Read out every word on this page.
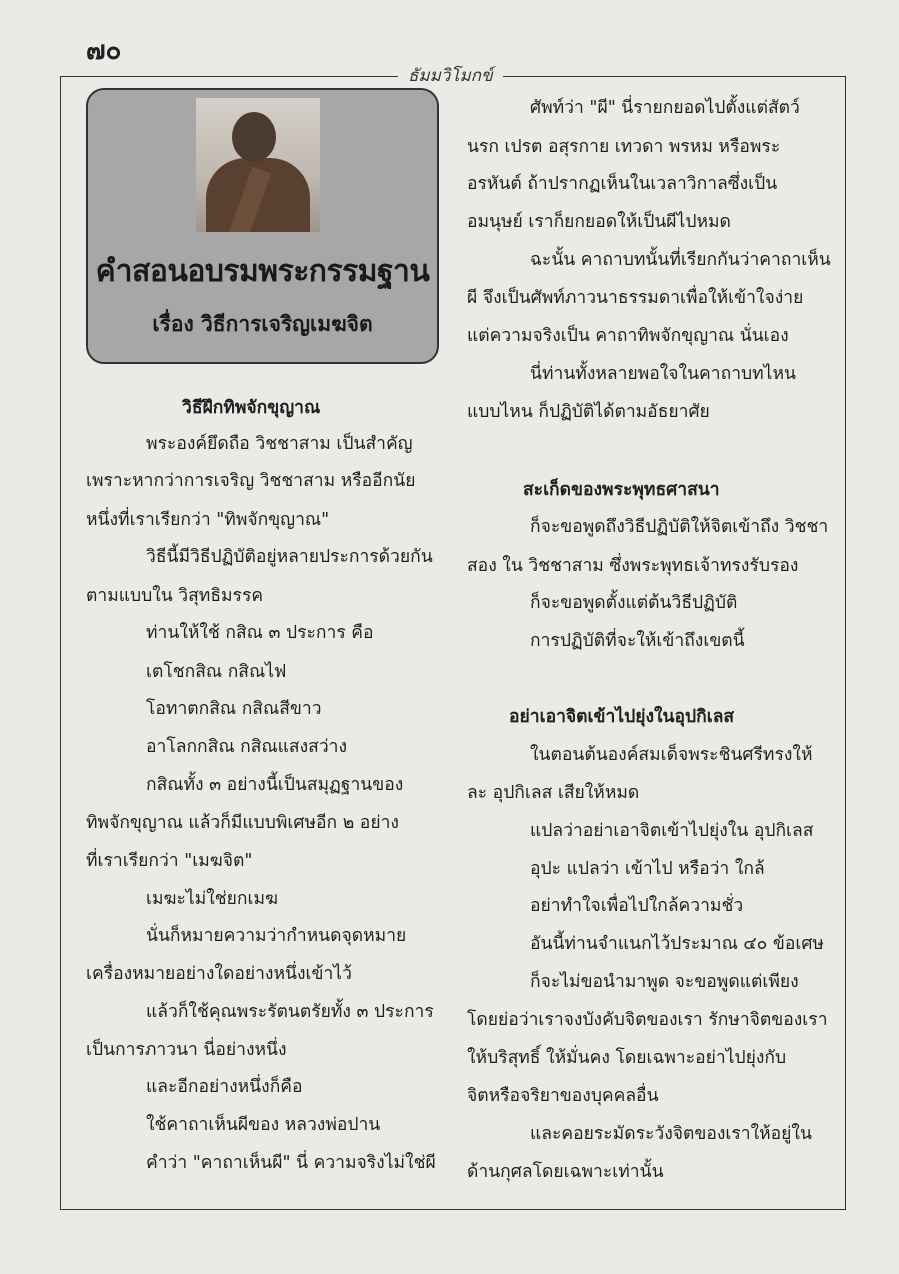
๗๐
ธัมมวิโมกข์
คำสอนอบรมพระกรรมฐาน
เรื่อง วิธีการเจริญเมฆจิต
วิธีฝึกทิพจักขุญาณ
พระองค์ยึดถือ วิชชาสาม เป็นสำคัญ
เพราะหากว่าการเจริญ วิชชาสาม หรืออีกนัย
หนึ่งที่เราเรียกว่า "ทิพจักขุญาณ"
วิธีนี้มีวิธีปฏิบัติอยู่หลายประการด้วยกัน
ตามแบบใน วิสุทธิมรรค
ท่านให้ใช้ กสิณ ๓ ประการ คือ
เตโชกสิณ กสิณไฟ
โอทาตกสิณ กสิณสีขาว
อาโลกกสิณ กสิณแสงสว่าง
กสิณทั้ง ๓ อย่างนี้เป็นสมุฏฐานของ
ทิพจักขุญาณ แล้วก็มีแบบพิเศษอีก ๒ อย่าง
ที่เราเรียกว่า "เมฆจิต"
เมฆะไม่ใช่ยกเมฆ
นั่นก็หมายความว่ากำหนดจุดหมาย
เครื่องหมายอย่างใดอย่างหนึ่งเข้าไว้
แล้วก็ใช้คุณพระรัตนตรัยทั้ง ๓ ประการ
เป็นการภาวนา นี่อย่างหนึ่ง
และอีกอย่างหนึ่งก็คือ
ใช้คาถาเห็นผีของ หลวงพ่อปาน
คำว่า "คาถาเห็นผี" นี่ ความจริงไม่ใช่ผี
ศัพท์ว่า "ผี" นี่รายกยอดไปตั้งแต่สัตว์
นรก เปรต อสุรกาย เทวดา พรหม หรือพระ
อรหันต์ ถ้าปรากฏเห็นในเวลาวิกาลซึ่งเป็น
อมนุษย์ เราก็ยกยอดให้เป็นผีไปหมด
ฉะนั้น คาถาบทนั้นที่เรียกกันว่าคาถาเห็น
ผี จึงเป็นศัพท์ภาวนาธรรมดาเพื่อให้เข้าใจง่าย
แต่ความจริงเป็น คาถาทิพจักขุญาณ นั่นเอง
นี่ท่านทั้งหลายพอใจในคาถาบทไหน
แบบไหน ก็ปฏิบัติได้ตามอัธยาศัย
สะเก็ดของพระพุทธศาสนา
ก็จะขอพูดถึงวิธีปฏิบัติให้จิตเข้าถึง วิชชา
สอง ใน วิชชาสาม ซึ่งพระพุทธเจ้าทรงรับรอง
ก็จะขอพูดตั้งแต่ต้นวิธีปฏิบัติ
การปฏิบัติที่จะให้เข้าถึงเขตนี้
อย่าเอาจิตเข้าไปยุ่งในอุปกิเลส
ในตอนต้นองค์สมเด็จพระชินศรีทรงให้
ละ อุปกิเลส เสียให้หมด
แปลว่าอย่าเอาจิตเข้าไปยุ่งใน อุปกิเลส
อุปะ แปลว่า เข้าไป หรือว่า ใกล้
อย่าทำใจเพื่อไปใกล้ความชั่ว
อันนี้ท่านจำแนกไว้ประมาณ ๔๐ ข้อเศษ
ก็จะไม่ขอนำมาพูด จะขอพูดแต่เพียง
โดยย่อว่าเราจงบังคับจิตของเรา รักษาจิตของเรา
ให้บริสุทธิ์ ให้มั่นคง โดยเฉพาะอย่าไปยุ่งกับ
จิตหรือจริยาของบุคคลอื่น
และคอยระมัดระวังจิตของเราให้อยู่ใน
ด้านกุศลโดยเฉพาะเท่านั้น
